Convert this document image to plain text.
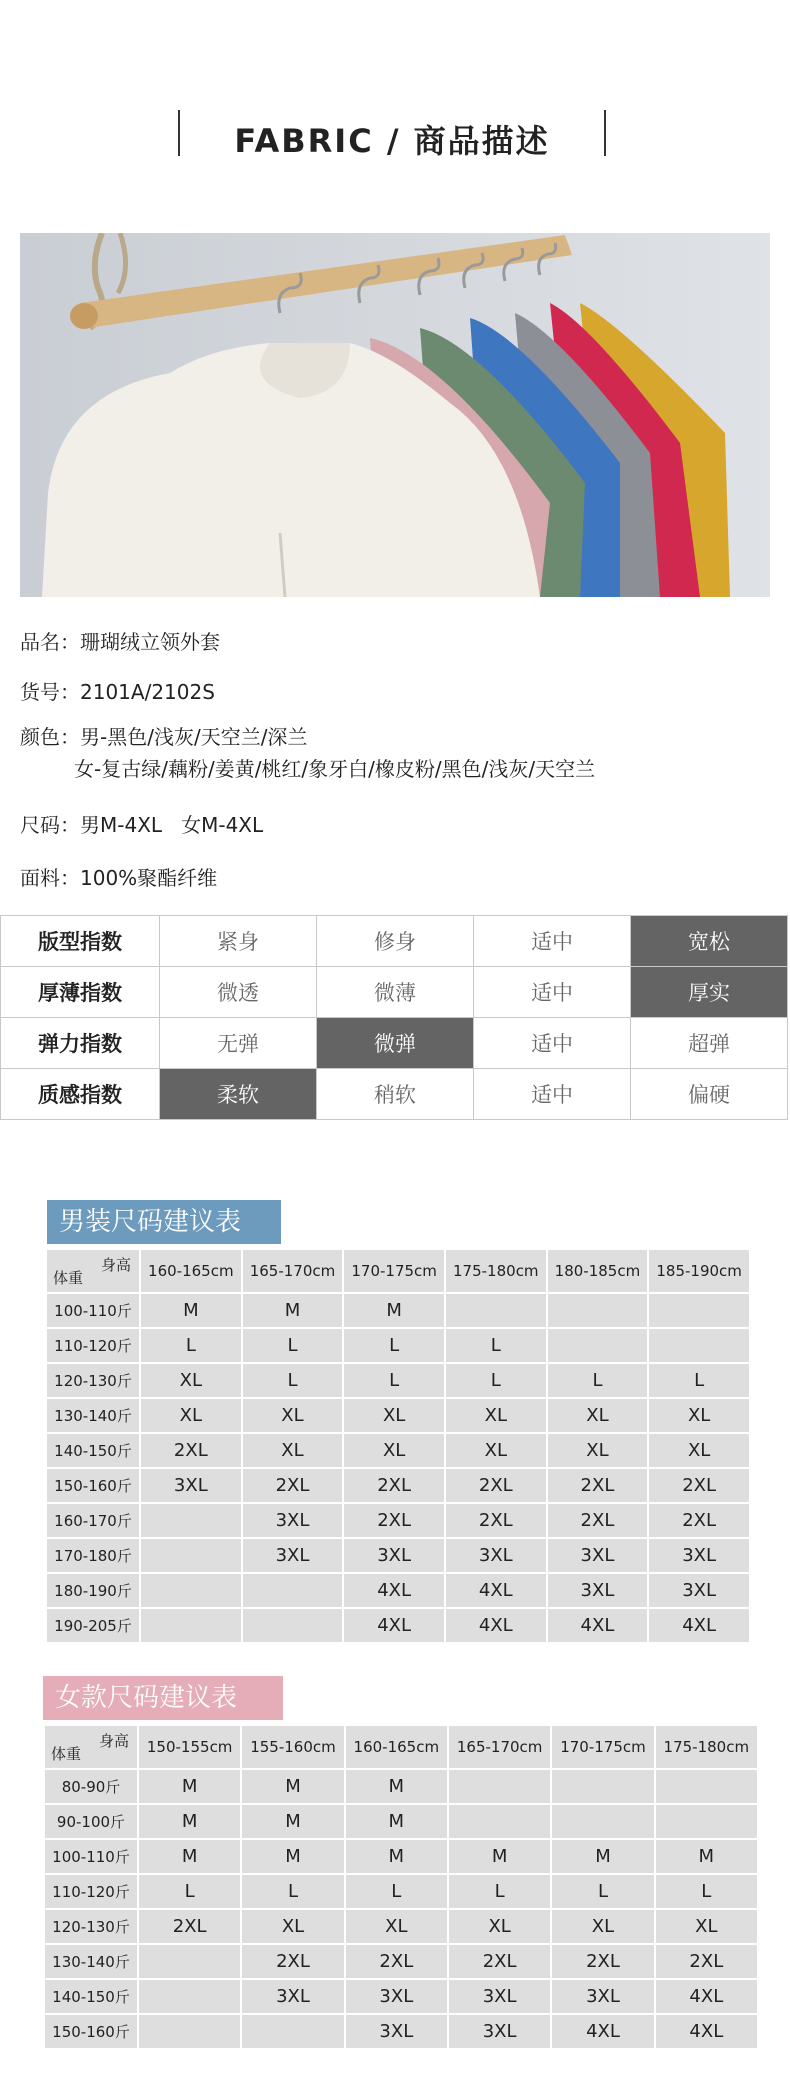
FABRIC / 商品描述
品名：珊瑚绒立领外套
货号：2101A/2102S
颜色：男-黑色/浅灰/天空兰/深兰
女-复古绿/藕粉/姜黄/桃红/象牙白/橡皮粉/黑色/浅灰/天空兰
尺码：男M-4XL   女M-4XL
面料：100%聚酯纤维
版型指数	紧身	修身	适中	宽松
厚薄指数	微透	微薄	适中	厚实
弹力指数	无弹	微弹	适中	超弹
质感指数	柔软	稍软	适中	偏硬
男装尺码建议表
身高
体重	160-165cm	165-170cm	170-175cm	175-180cm	180-185cm	185-190cm
100-110斤	M	M	M			
110-120斤	L	L	L	L		
120-130斤	XL	L	L	L	L	L
130-140斤	XL	XL	XL	XL	XL	XL
140-150斤	2XL	XL	XL	XL	XL	XL
150-160斤	3XL	2XL	2XL	2XL	2XL	2XL
160-170斤		3XL	2XL	2XL	2XL	2XL
170-180斤		3XL	3XL	3XL	3XL	3XL
180-190斤			4XL	4XL	3XL	3XL
190-205斤			4XL	4XL	4XL	4XL
女款尺码建议表
身高
体重	150-155cm	155-160cm	160-165cm	165-170cm	170-175cm	175-180cm
80-90斤	M	M	M			
90-100斤	M	M	M			
100-110斤	M	M	M	M	M	M
110-120斤	L	L	L	L	L	L
120-130斤	2XL	XL	XL	XL	XL	XL
130-140斤		2XL	2XL	2XL	2XL	2XL
140-150斤		3XL	3XL	3XL	3XL	4XL
150-160斤			3XL	3XL	4XL	4XL
